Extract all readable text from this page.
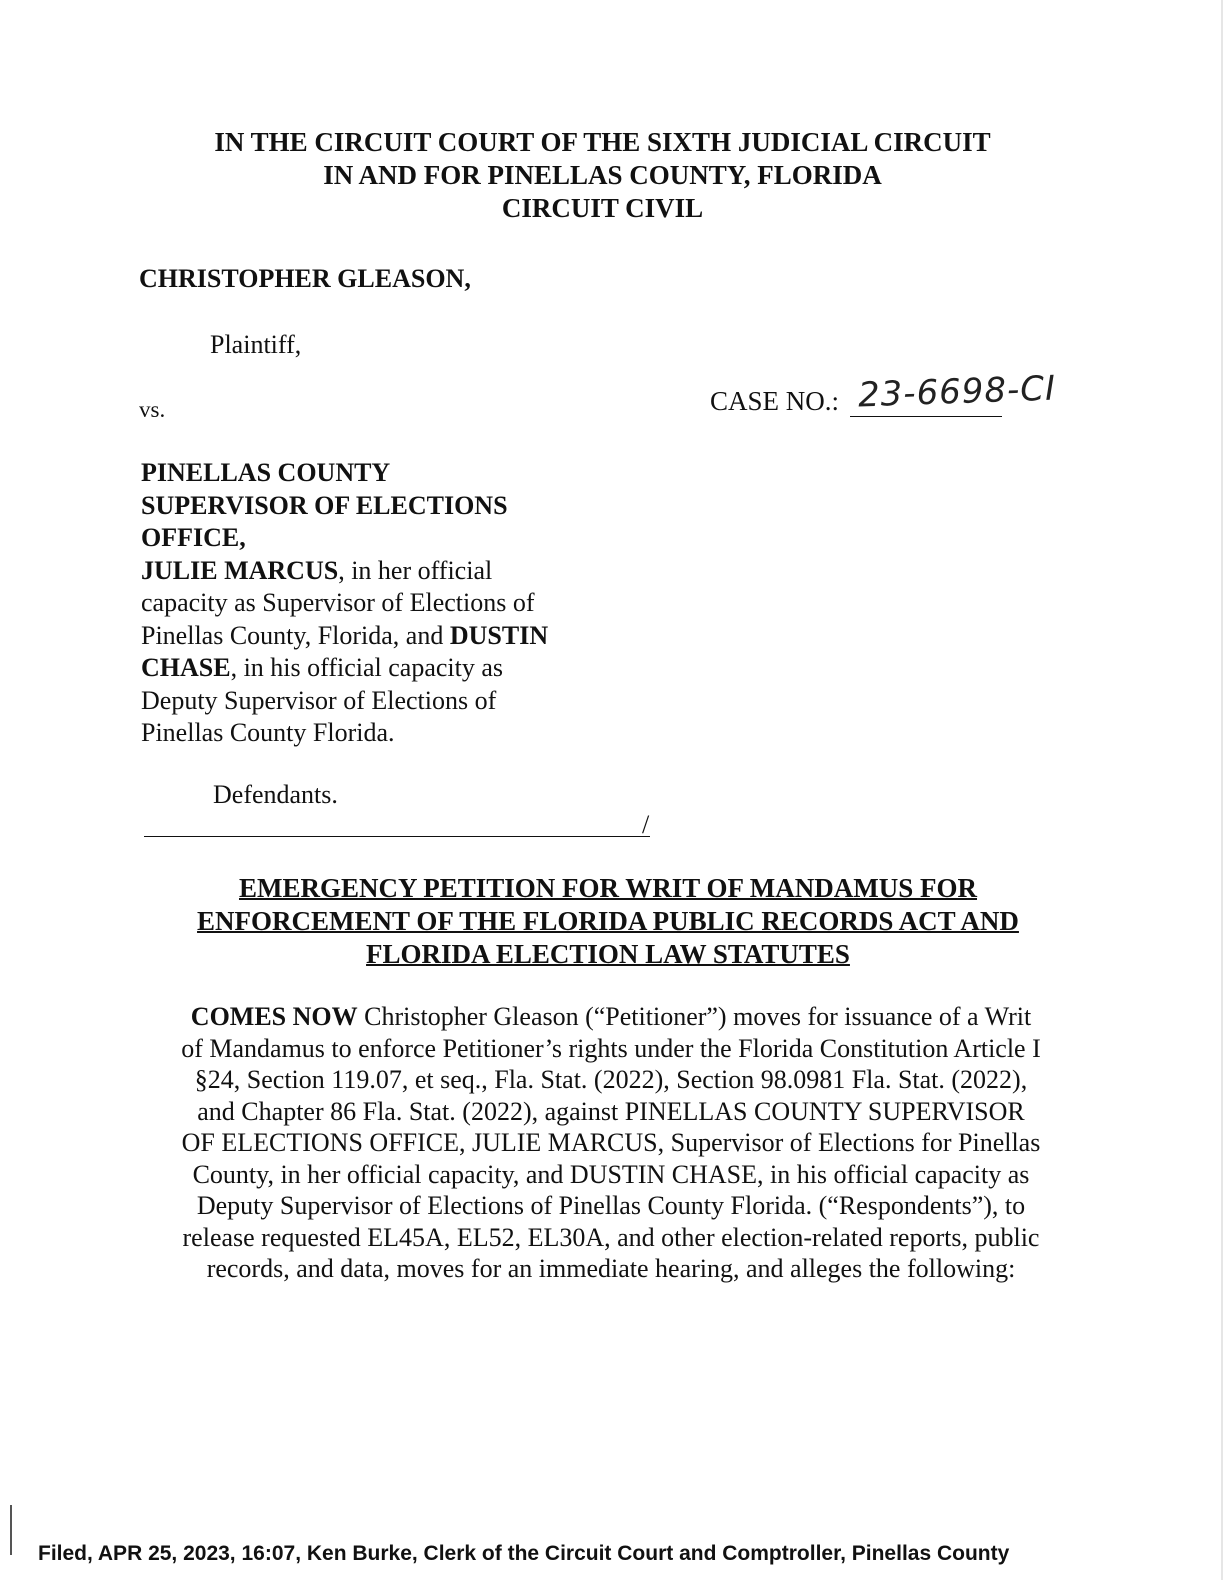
IN THE CIRCUIT COURT OF THE SIXTH JUDICIAL CIRCUIT
IN AND FOR PINELLAS COUNTY, FLORIDA
CIRCUIT CIVIL
CHRISTOPHER GLEASON,
Plaintiff,
vs.	CASE NO.: 23-6698-CI
PINELLAS COUNTY
SUPERVISOR OF ELECTIONS
OFFICE,
JULIE MARCUS, in her official
capacity as Supervisor of Elections of
Pinellas County, Florida, and DUSTIN
CHASE, in his official capacity as
Deputy Supervisor of Elections of
Pinellas County Florida.
Defendants.
/
EMERGENCY PETITION FOR WRIT OF MANDAMUS FOR
ENFORCEMENT OF THE FLORIDA PUBLIC RECORDS ACT AND
FLORIDA ELECTION LAW STATUTES
COMES NOW Christopher Gleason (“Petitioner”) moves for issuance of a Writ
of Mandamus to enforce Petitioner’s rights under the Florida Constitution Article I
§24, Section 119.07, et seq., Fla. Stat. (2022), Section 98.0981 Fla. Stat. (2022),
and Chapter 86 Fla. Stat. (2022), against PINELLAS COUNTY SUPERVISOR
OF ELECTIONS OFFICE, JULIE MARCUS, Supervisor of Elections for Pinellas
County, in her official capacity, and DUSTIN CHASE, in his official capacity as
Deputy Supervisor of Elections of Pinellas County Florida. (“Respondents”), to
release requested EL45A, EL52, EL30A, and other election-related reports, public
records, and data, moves for an immediate hearing, and alleges the following:
Filed, APR 25, 2023, 16:07, Ken Burke, Clerk of the Circuit Court and Comptroller, Pinellas County
